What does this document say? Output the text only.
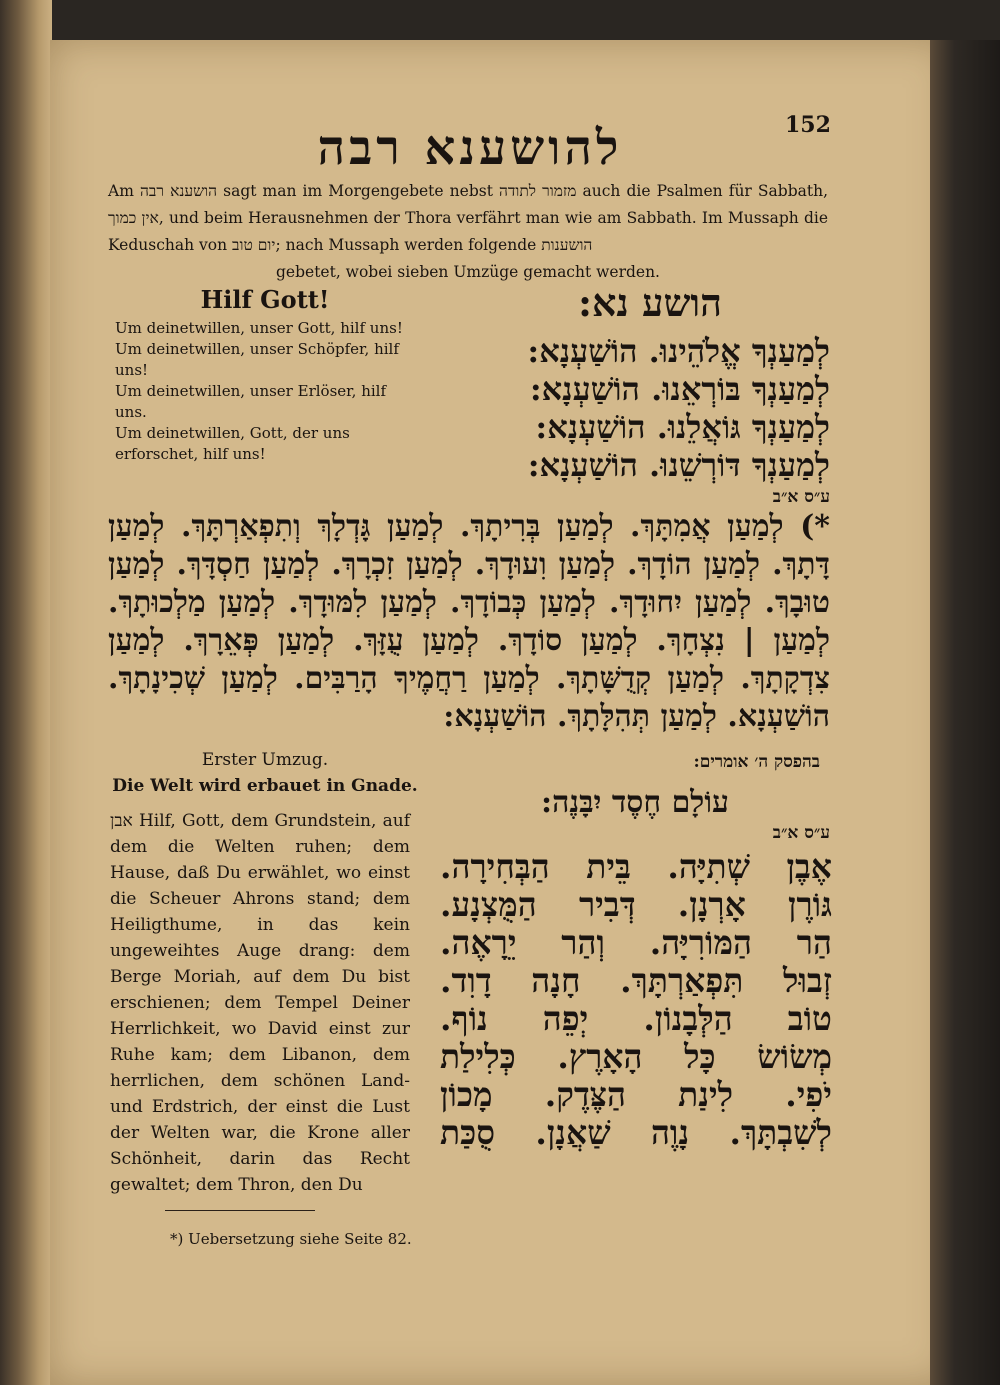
152
להושענא רבה

Am הושענא רבה sagt man im Morgengebete nebst מזמור לתודה auch die Psalmen für Sabbath, אין כמוך, und beim Herausnehmen der Thora verfährt man wie am Sabbath. Im Mussaph die Keduschah von יום טוב; nach Mussaph werden folgende הושענות

gebetet, wobei sieben Umzüge gemacht werden.

Hilf Gott!	הושע נא:
Um deinetwillen, unser Gott, hilf uns!
Um deinetwillen, unser Schöpfer, hilf uns!
Um deinetwillen, unser Erlöser, hilf uns.
Um deinetwillen, Gott, der uns erforschet, hilf uns!
לְמַעַנְךָ אֱלֹהֵינוּ. הוֹשַׁעְנָא:
לְמַעַנְךָ בּוֹרְאֵנוּ. הוֹשַׁעְנָא:
לְמַעַנְךָ גּוֹאֲלֵנוּ. הוֹשַׁעְנָא:
לְמַעַנְךָ דּוֹרְשֵׁנוּ. הוֹשַׁעְנָא:
ע״ס א״ב
*) לְמַעַן אֲמִתָּךְ. לְמַעַן בְּרִיתָךְ. לְמַעַן גָּדְלָךְ וְתִפְאַרְתָּךְ. לְמַעַן
דָּתָךְ. לְמַעַן הוֹדָךְ. לְמַעַן וִעוּדָךְ. לְמַעַן זִכְרָךְ. לְמַעַן חַסְדָּךְ. לְמַעַן
טוּבָךְ. לְמַעַן יִחוּדָךְ. לְמַעַן כְּבוֹדָךְ. לְמַעַן לִמּוּדָךְ. לְמַעַן מַלְכוּתָךְ.
לְמַעַן | נִצְחָךְ. לְמַעַן סוֹדָךְ. לְמַעַן עֻזָּךְ. לְמַעַן פְּאֵרָךְ. לְמַעַן
צִדְקָתָךְ. לְמַעַן קְדֻשָּׁתָךְ. לְמַעַן רַחֲמֶיךָ הָרַבִּים. לְמַעַן שְׁכִינָתָךְ.
הוֹשַׁעְנָא. לְמַעַן תְּהִלָּתָךְ. הוֹשַׁעְנָא:
Erster Umzug.
Die Welt wird erbauet in Gnade.
אבן Hilf, Gott, dem Grundstein, auf dem die Welten ruhen; dem Hause, daß Du erwählet, wo einst die Scheuer Ahrons stand; dem Heiligthume, in das kein ungeweihtes Auge drang: dem Berge Moriah, auf dem Du bist erschienen; dem Tempel Deiner Herrlichkeit, wo David einst zur Ruhe kam; dem Libanon, dem herrlichen, dem schönen Land- und Erdstrich, der einst die Lust der Welten war, die Krone aller Schönheit, darin das Recht gewaltet; dem Thron, den Du
*) Uebersetzung siehe Seite 82.
בהפסק ה׳ אומרים:
עוֹלָם חֶסֶד יִבָּנֶה:
ע״ס א״ב
אֶבֶן שְׁתִיָּה. בֵּית הַבְּחִירָה.
גּוֹרֶן אָרְנָן. דְּבִיר הַמֻּצְנָע.
הַר הַמּוֹרִיָּה. וְהַר יֵרָאֶה.
זְבוּל תִּפְאַרְתָּךְ. חָנָה דָוִד.
טוֹב הַלְּבָנוֹן. יְפֵה נוֹף.
מְשׂוֹשׂ כָּל הָאָרֶץ. כְּלִילַת
יֹפִי. לִינַת הַצֶּדֶק. מָכוֹן
לְשִׁבְתָּךְ. נָוֶה שַׁאֲנָן. סֻכַּת
